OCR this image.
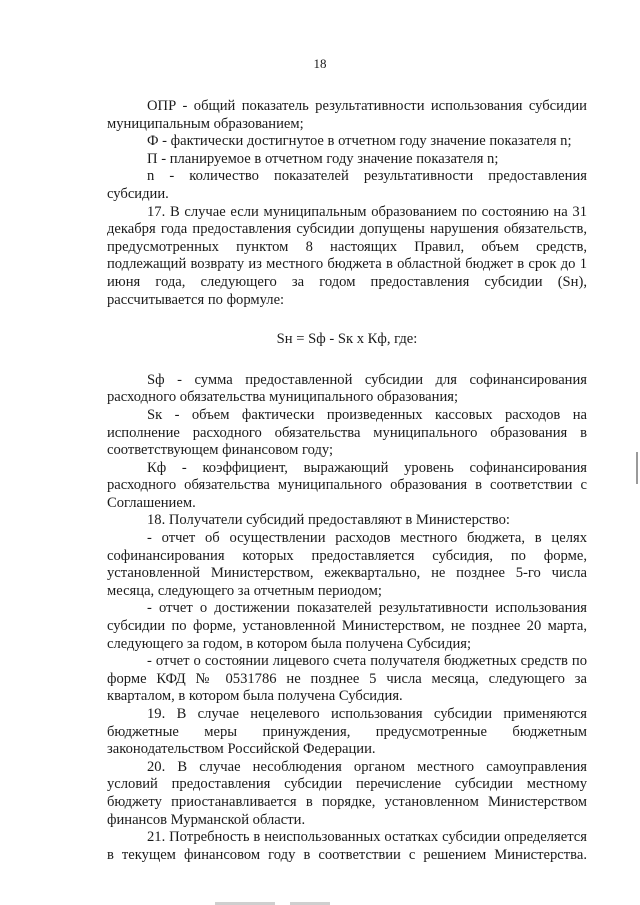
18

ОПР - общий показатель результативности использования субсидии муниципальным образованием;

Ф - фактически достигнутое в отчетном году значение показателя n;

П - планируемое в отчетном году значение показателя n;

n - количество показателей результативности предоставления субсидии.

17. В случае если муниципальным образованием по состоянию на 31 декабря года предоставления субсидии допущены нарушения обязательств, предусмотренных пунктом 8 настоящих Правил, объем средств, подлежащий возврату из местного бюджета в областной бюджет в срок до 1 июня года, следующего за годом предоставления субсидии (Sн), рассчитывается по формуле:

Sн = Sф - Sк x Кф, где:

Sф - сумма предоставленной субсидии для софинансирования расходного обязательства муниципального образования;

Sк - объем фактически произведенных кассовых расходов на исполнение расходного обязательства муниципального образования в соответствующем финансовом году;

Кф - коэффициент, выражающий уровень софинансирования расходного обязательства муниципального образования в соответствии с Соглашением.

18. Получатели субсидий предоставляют в Министерство:

- отчет об осуществлении расходов местного бюджета, в целях софинансирования которых предоставляется субсидия, по форме, установленной Министерством, ежеквартально, не позднее 5-го числа месяца, следующего за отчетным периодом;

- отчет о достижении показателей результативности использования субсидии по форме, установленной Министерством, не позднее 20 марта, следующего за годом, в котором была получена Субсидия;

- отчет о состоянии лицевого счета получателя бюджетных средств по форме КФД № 0531786 не позднее 5 числа месяца, следующего за кварталом, в котором была получена Субсидия.

19. В случае нецелевого использования субсидии применяются бюджетные меры принуждения, предусмотренные бюджетным законодательством Российской Федерации.

20. В случае несоблюдения органом местного самоуправления условий предоставления субсидии перечисление субсидии местному бюджету приостанавливается в порядке, установленном Министерством финансов Мурманской области.

21. Потребность в неиспользованных остатках субсидии определяется в текущем финансовом году в соответствии с решением Министерства.
